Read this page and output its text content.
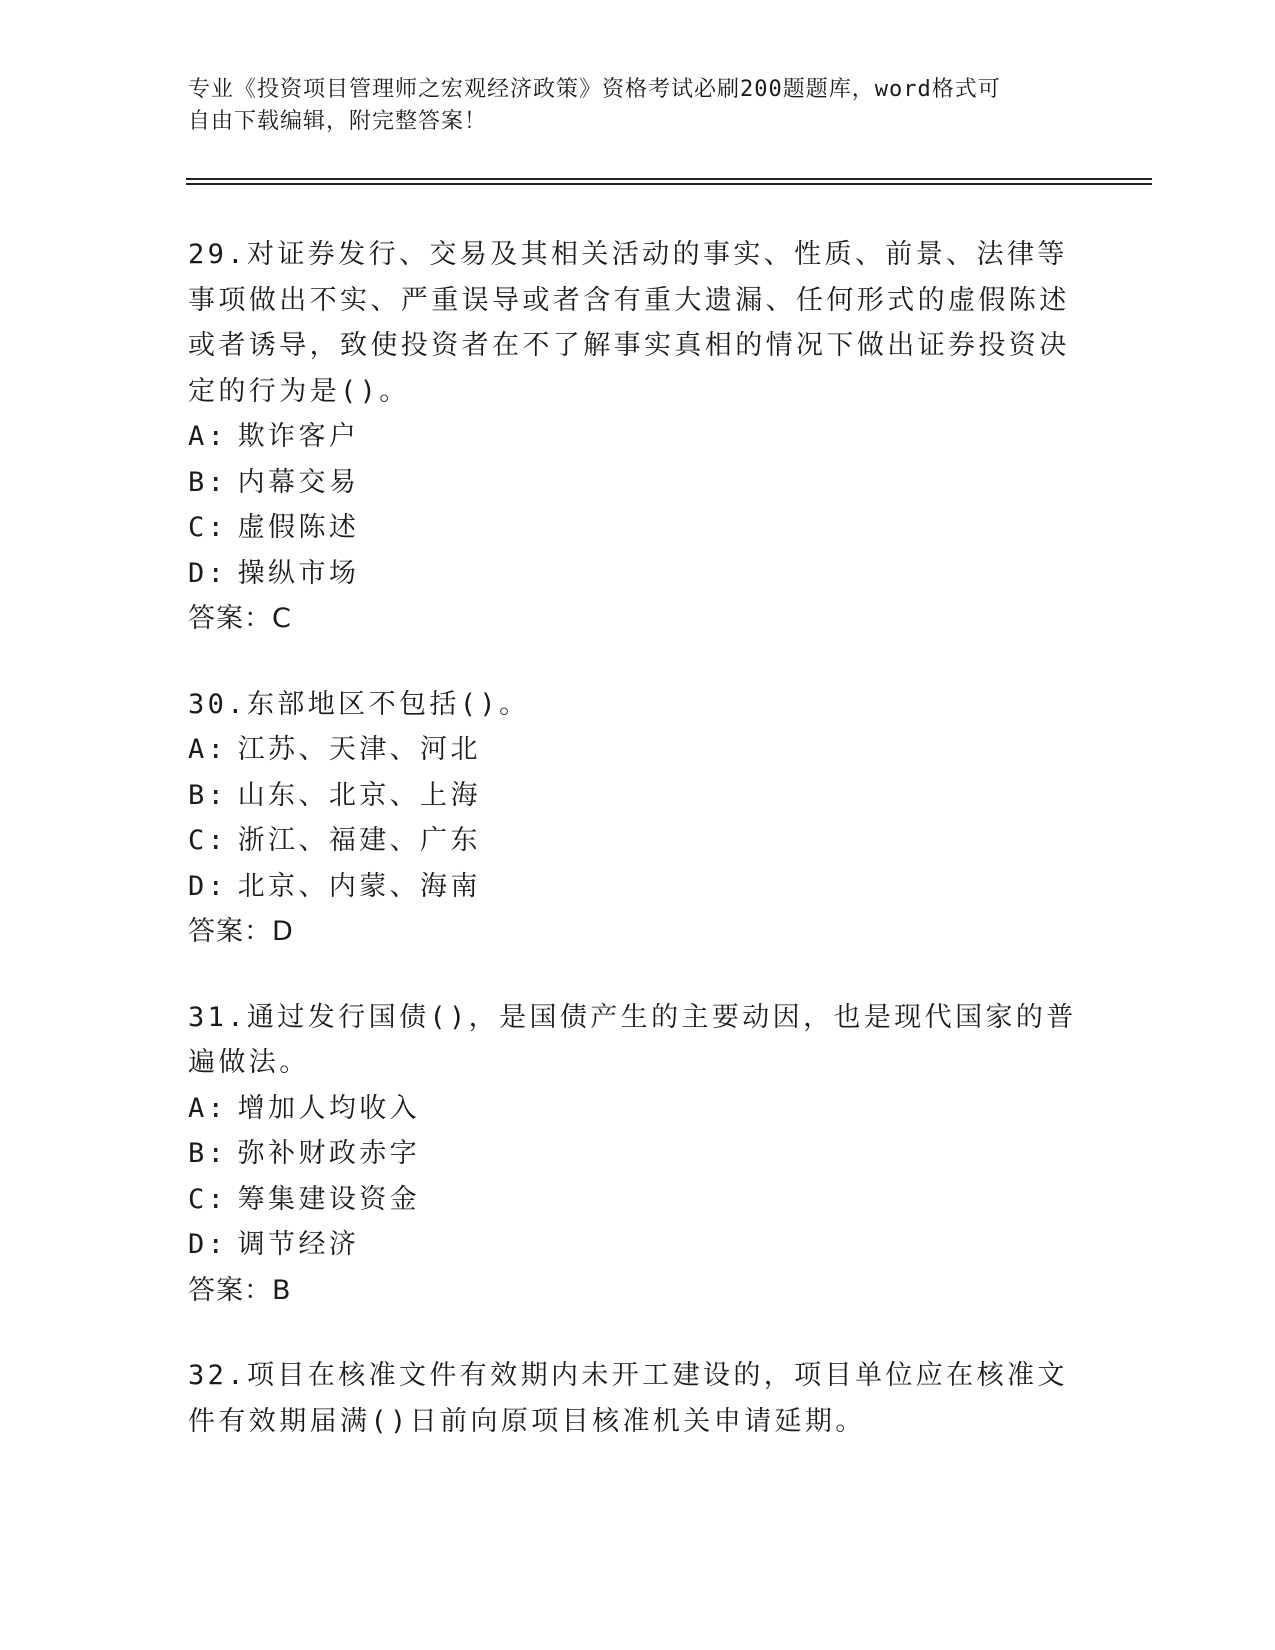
专业《投资项目管理师之宏观经济政策》资格考试必刷200题题库，word格式可
自由下载编辑，附完整答案！

29.对证券发行、交易及其相关活动的事实、性质、前景、法律等事项做出不实、严重误导或者含有重大遗漏、任何形式的虚假陈述或者诱导，致使投资者在不了解事实真相的情况下做出证券投资决定的行为是()。

A: 欺诈客户

B: 内幕交易

C: 虚假陈述

D: 操纵市场

答案：C

30.东部地区不包括()。

A: 江苏、天津、河北

B: 山东、北京、上海

C: 浙江、福建、广东

D: 北京、内蒙、海南

答案：D

31.通过发行国债()，是国债产生的主要动因，也是现代国家的普遍做法。

A: 增加人均收入

B: 弥补财政赤字

C: 筹集建设资金

D: 调节经济

答案：B

32.项目在核准文件有效期内未开工建设的，项目单位应在核准文件有效期届满()日前向原项目核准机关申请延期。
